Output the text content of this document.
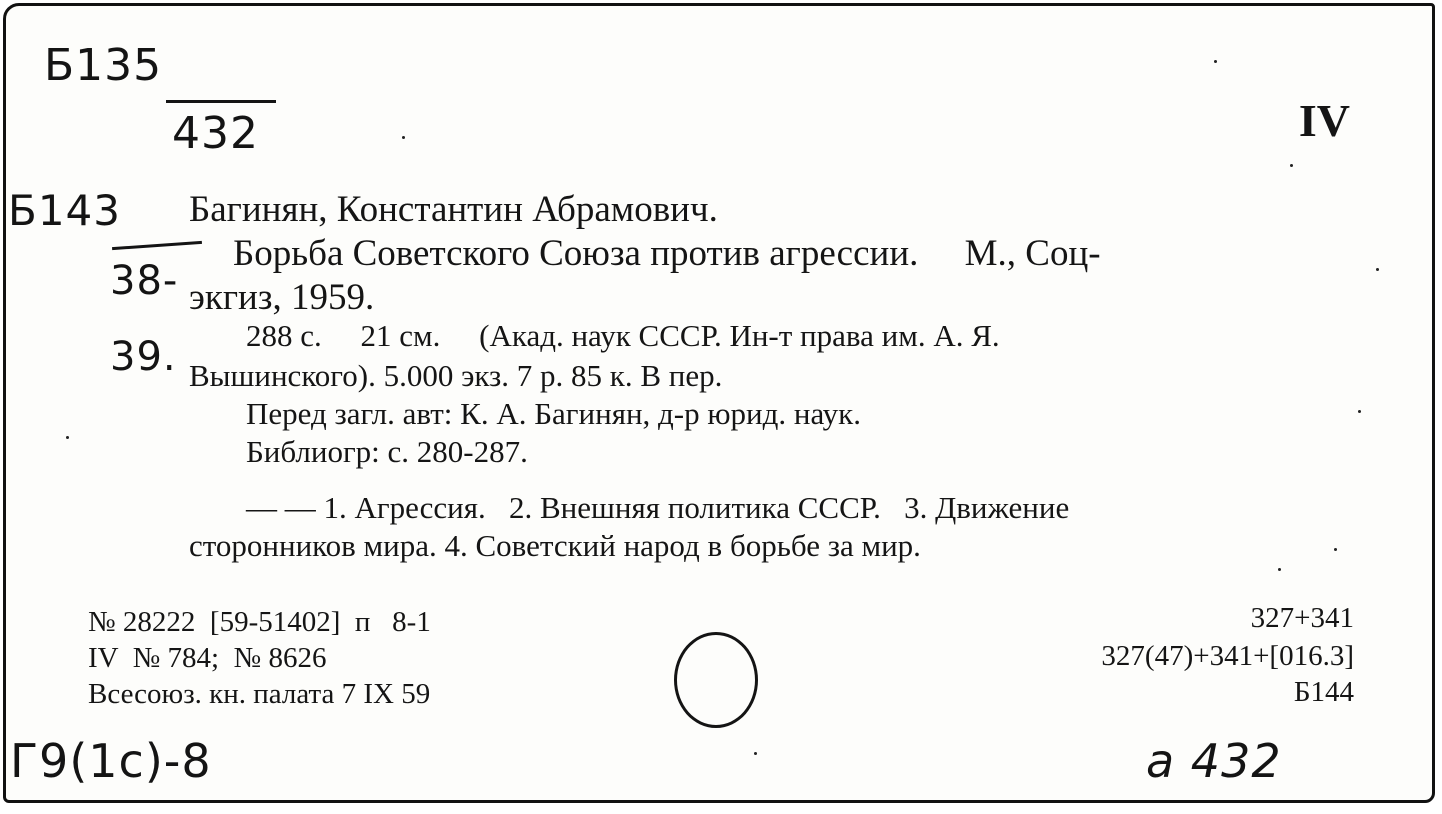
Б135
432
Б143
38-
39.
IV
Багинян, Константин Абрамович.
Борьба Советского Союза против агрессии.     М., Соц-
экгиз, 1959.
288 с.     21 см.     (Акад. наук СССР. Ин-т права им. А. Я.
Вышинского). 5.000 экз. 7 р. 85 к. В пер.
Перед загл. авт: К. А. Багинян, д-р юрид. наук.
Библиогр: с. 280-287.
— — 1. Агрессия.   2. Внешняя политика СССР.   3. Движение
сторонников мира. 4. Советский народ в борьбе за мир.
№ 28222  [59-51402]  п   8-1
IV  № 784;  № 8626
Всесоюз. кн. палата 7 IX 59
327+341
327(47)+341+[016.3]
Б144
Г9(1с)-8	а 432
